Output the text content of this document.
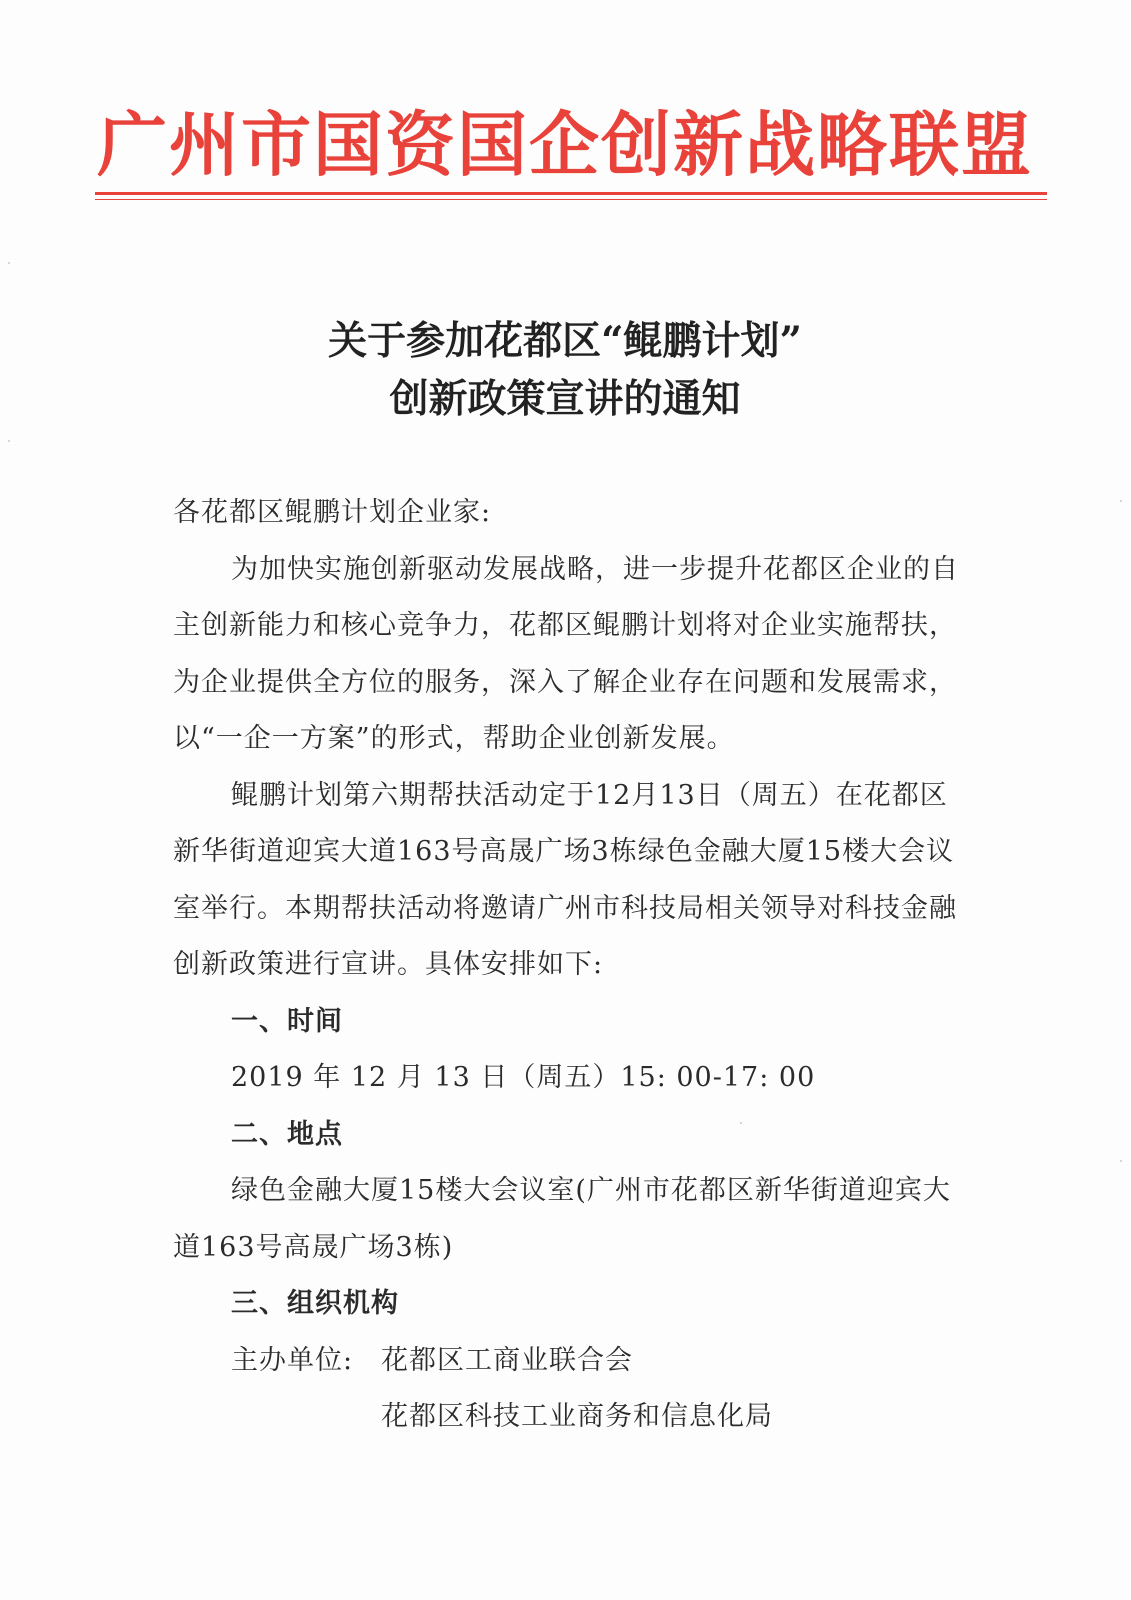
广州市国资国企创新战略联盟
关于参加花都区“鲲鹏计划”
创新政策宣讲的通知

各花都区鲲鹏计划企业家:

为加快实施创新驱动发展战略，进一步提升花都区企业的自主创新能力和核心竞争力，花都区鲲鹏计划将对企业实施帮扶，为企业提供全方位的服务，深入了解企业存在问题和发展需求，以“一企一方案”的形式，帮助企业创新发展。

鲲鹏计划第六期帮扶活动定于12月13日（周五）在花都区新华街道迎宾大道163号高晟广场3栋绿色金融大厦15楼大会议室举行。本期帮扶活动将邀请广州市科技局相关领导对科技金融创新政策进行宣讲。具体安排如下:

一、时间

2019 年 12 月 13 日（周五）15: 00-17: 00

二、地点

绿色金融大厦15楼大会议室(广州市花都区新华街道迎宾大道163号高晟广场3栋)

三、组织机构

主办单位:	花都区工商业联合会
花都区科技工业商务和信息化局
